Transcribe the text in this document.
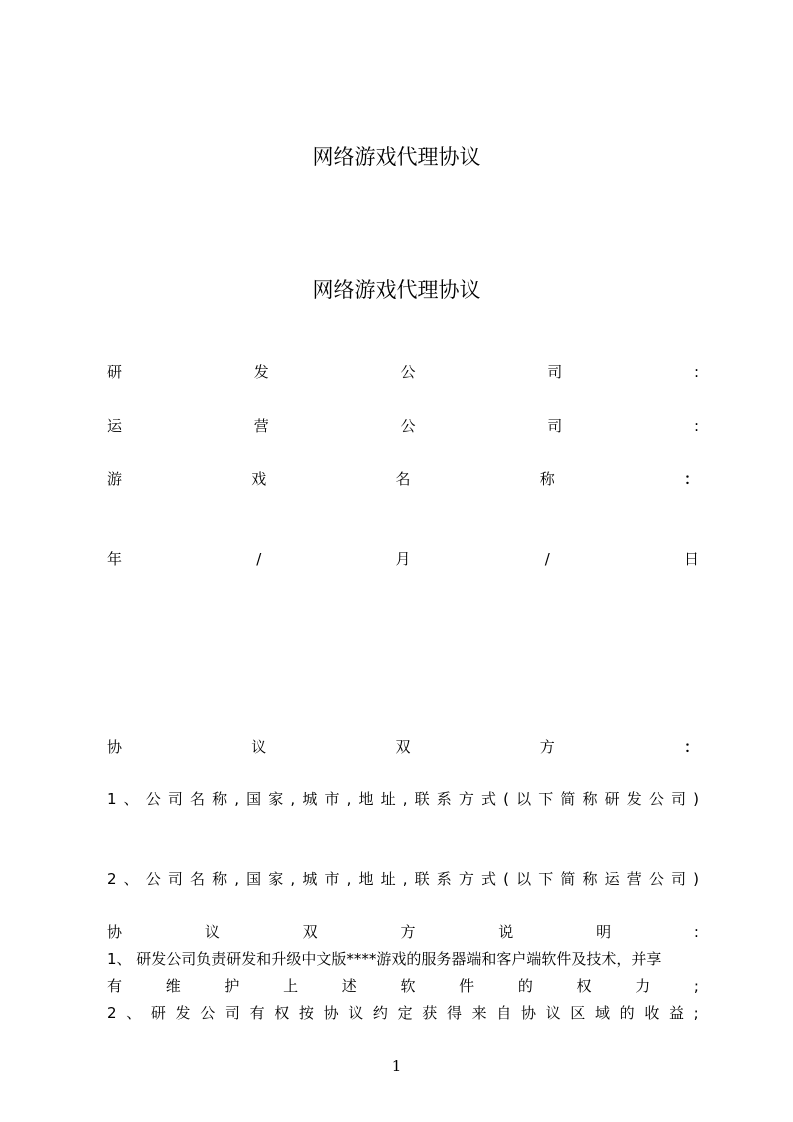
网络游戏代理协议
网络游戏代理协议
研	发	公	司	:
运	营	公	司	:
游	戏	名	称	：
年	/	月	/	日
协	议	双	方	：
1 、 公 司 名 称 , 国 家 , 城 市 , 地 址 , 联 系 方 式 ( 以 下 简 称 研 发 公 司 )
2 、 公 司 名 称 , 国 家 , 城 市 , 地 址 , 联 系 方 式 ( 以 下 简 称 运 营 公 司 )
协	议	双	方	说	明	:
1、 研发公司负责研发和升级中文版****游戏的服务器端和客户端软件及技术，并享
有	维	护	上	述	软	件	的	权	力	;
2 、 研 发 公 司 有 权 按 协 议 约 定 获 得 来 自 协 议 区 域 的 收 益 ;
1
